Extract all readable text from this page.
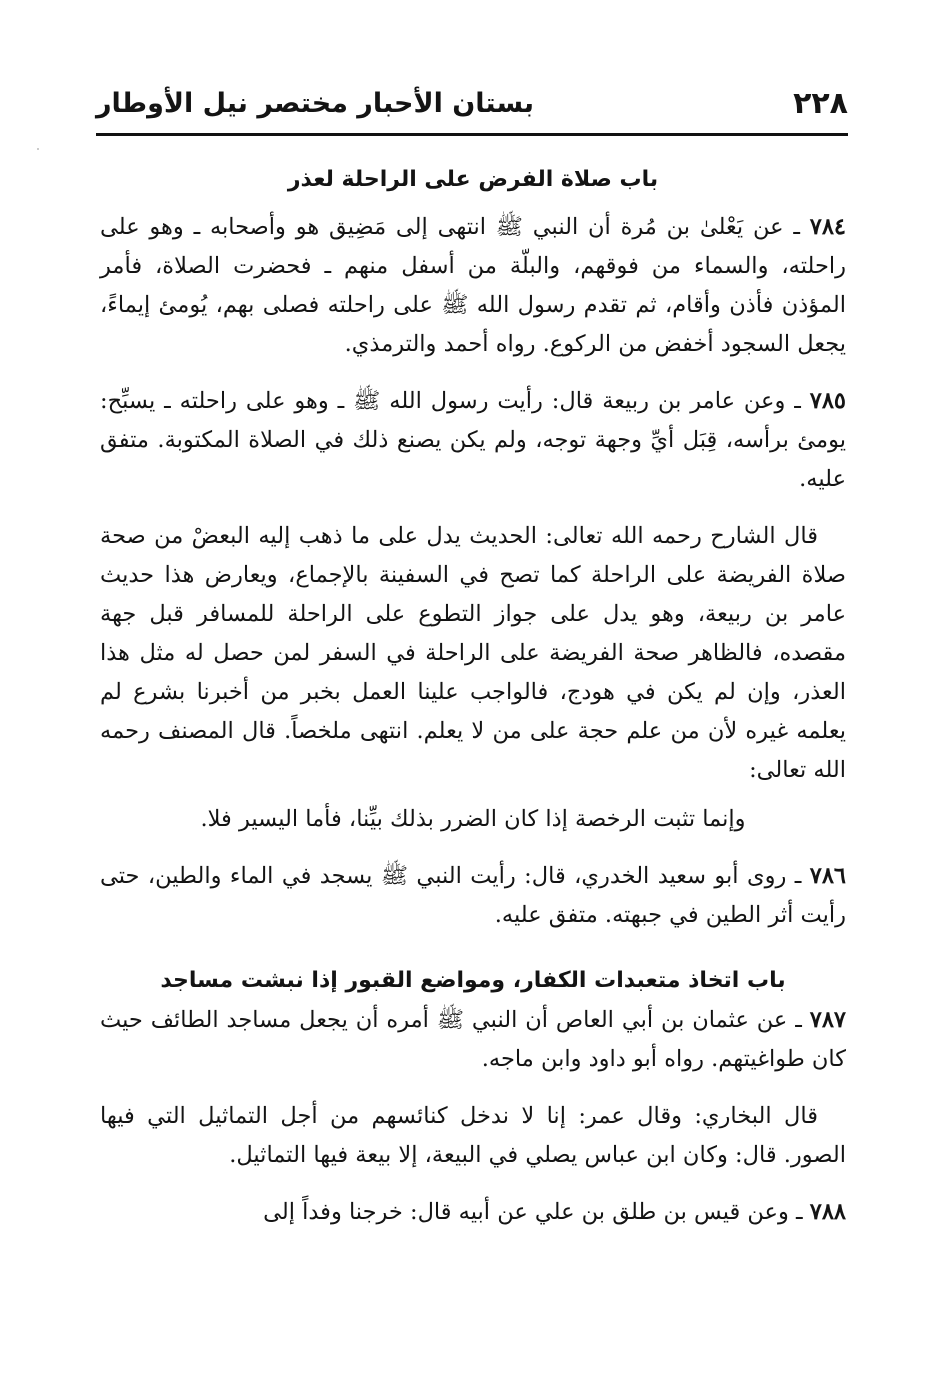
٢٢٨
بستان الأحبار مختصر نيل الأوطار
باب صلاة الفرض على الراحلة لعذر

٧٨٤ ـ عن يَعْلىٰ بن مُرة أن النبي ﷺ انتهى إلى مَضِيق هو وأصحابه ـ وهو على راحلته، والسماء من فوقهم، والبلّة من أسفل منهم ـ فحضرت الصلاة، فأمر المؤذن فأذن وأقام، ثم تقدم رسول الله ﷺ على راحلته فصلى بهم، يُومئ إيماءً، يجعل السجود أخفض من الركوع. رواه أحمد والترمذي.

٧٨٥ ـ وعن عامر بن ربيعة قال: رأيت رسول الله ﷺ ـ وهو على راحلته ـ يسبِّح: يومئ برأسه، قِبَل أيِّ وجهة توجه، ولم يكن يصنع ذلك في الصلاة المكتوبة. متفق عليه.

قال الشارح رحمه الله تعالى: الحديث يدل على ما ذهب إليه البعضْ من صحة صلاة الفريضة على الراحلة كما تصح في السفينة بالإجماع، ويعارض هذا حديث عامر بن ربيعة، وهو يدل على جواز التطوع على الراحلة للمسافر قبل جهة مقصده، فالظاهر صحة الفريضة على الراحلة في السفر لمن حصل له مثل هذا العذر، وإن لم يكن في هودج، فالواجب علينا العمل بخبر من أخبرنا بشرع لم يعلمه غيره لأن من علم حجة على من لا يعلم. انتهى ملخصاً. قال المصنف رحمه الله تعالى:

وإنما تثبت الرخصة إذا كان الضرر بذلك بيِّنا، فأما اليسير فلا.

٧٨٦ ـ روى أبو سعيد الخدري، قال: رأيت النبي ﷺ يسجد في الماء والطين، حتى رأيت أثر الطين في جبهته. متفق عليه.

باب اتخاذ متعبدات الكفار، ومواضع القبور إذا نبشت مساجد

٧٨٧ ـ عن عثمان بن أبي العاص أن النبي ﷺ أمره أن يجعل مساجد الطائف حيث كان طواغيتهم. رواه أبو داود وابن ماجه.

قال البخاري: وقال عمر: إنا لا ندخل كنائسهم من أجل التماثيل التي فيها الصور. قال: وكان ابن عباس يصلي في البيعة، إلا بيعة فيها التماثيل.

٧٨٨ ـ وعن قيس بن طلق بن علي عن أبيه قال: خرجنا وفداً إلى
